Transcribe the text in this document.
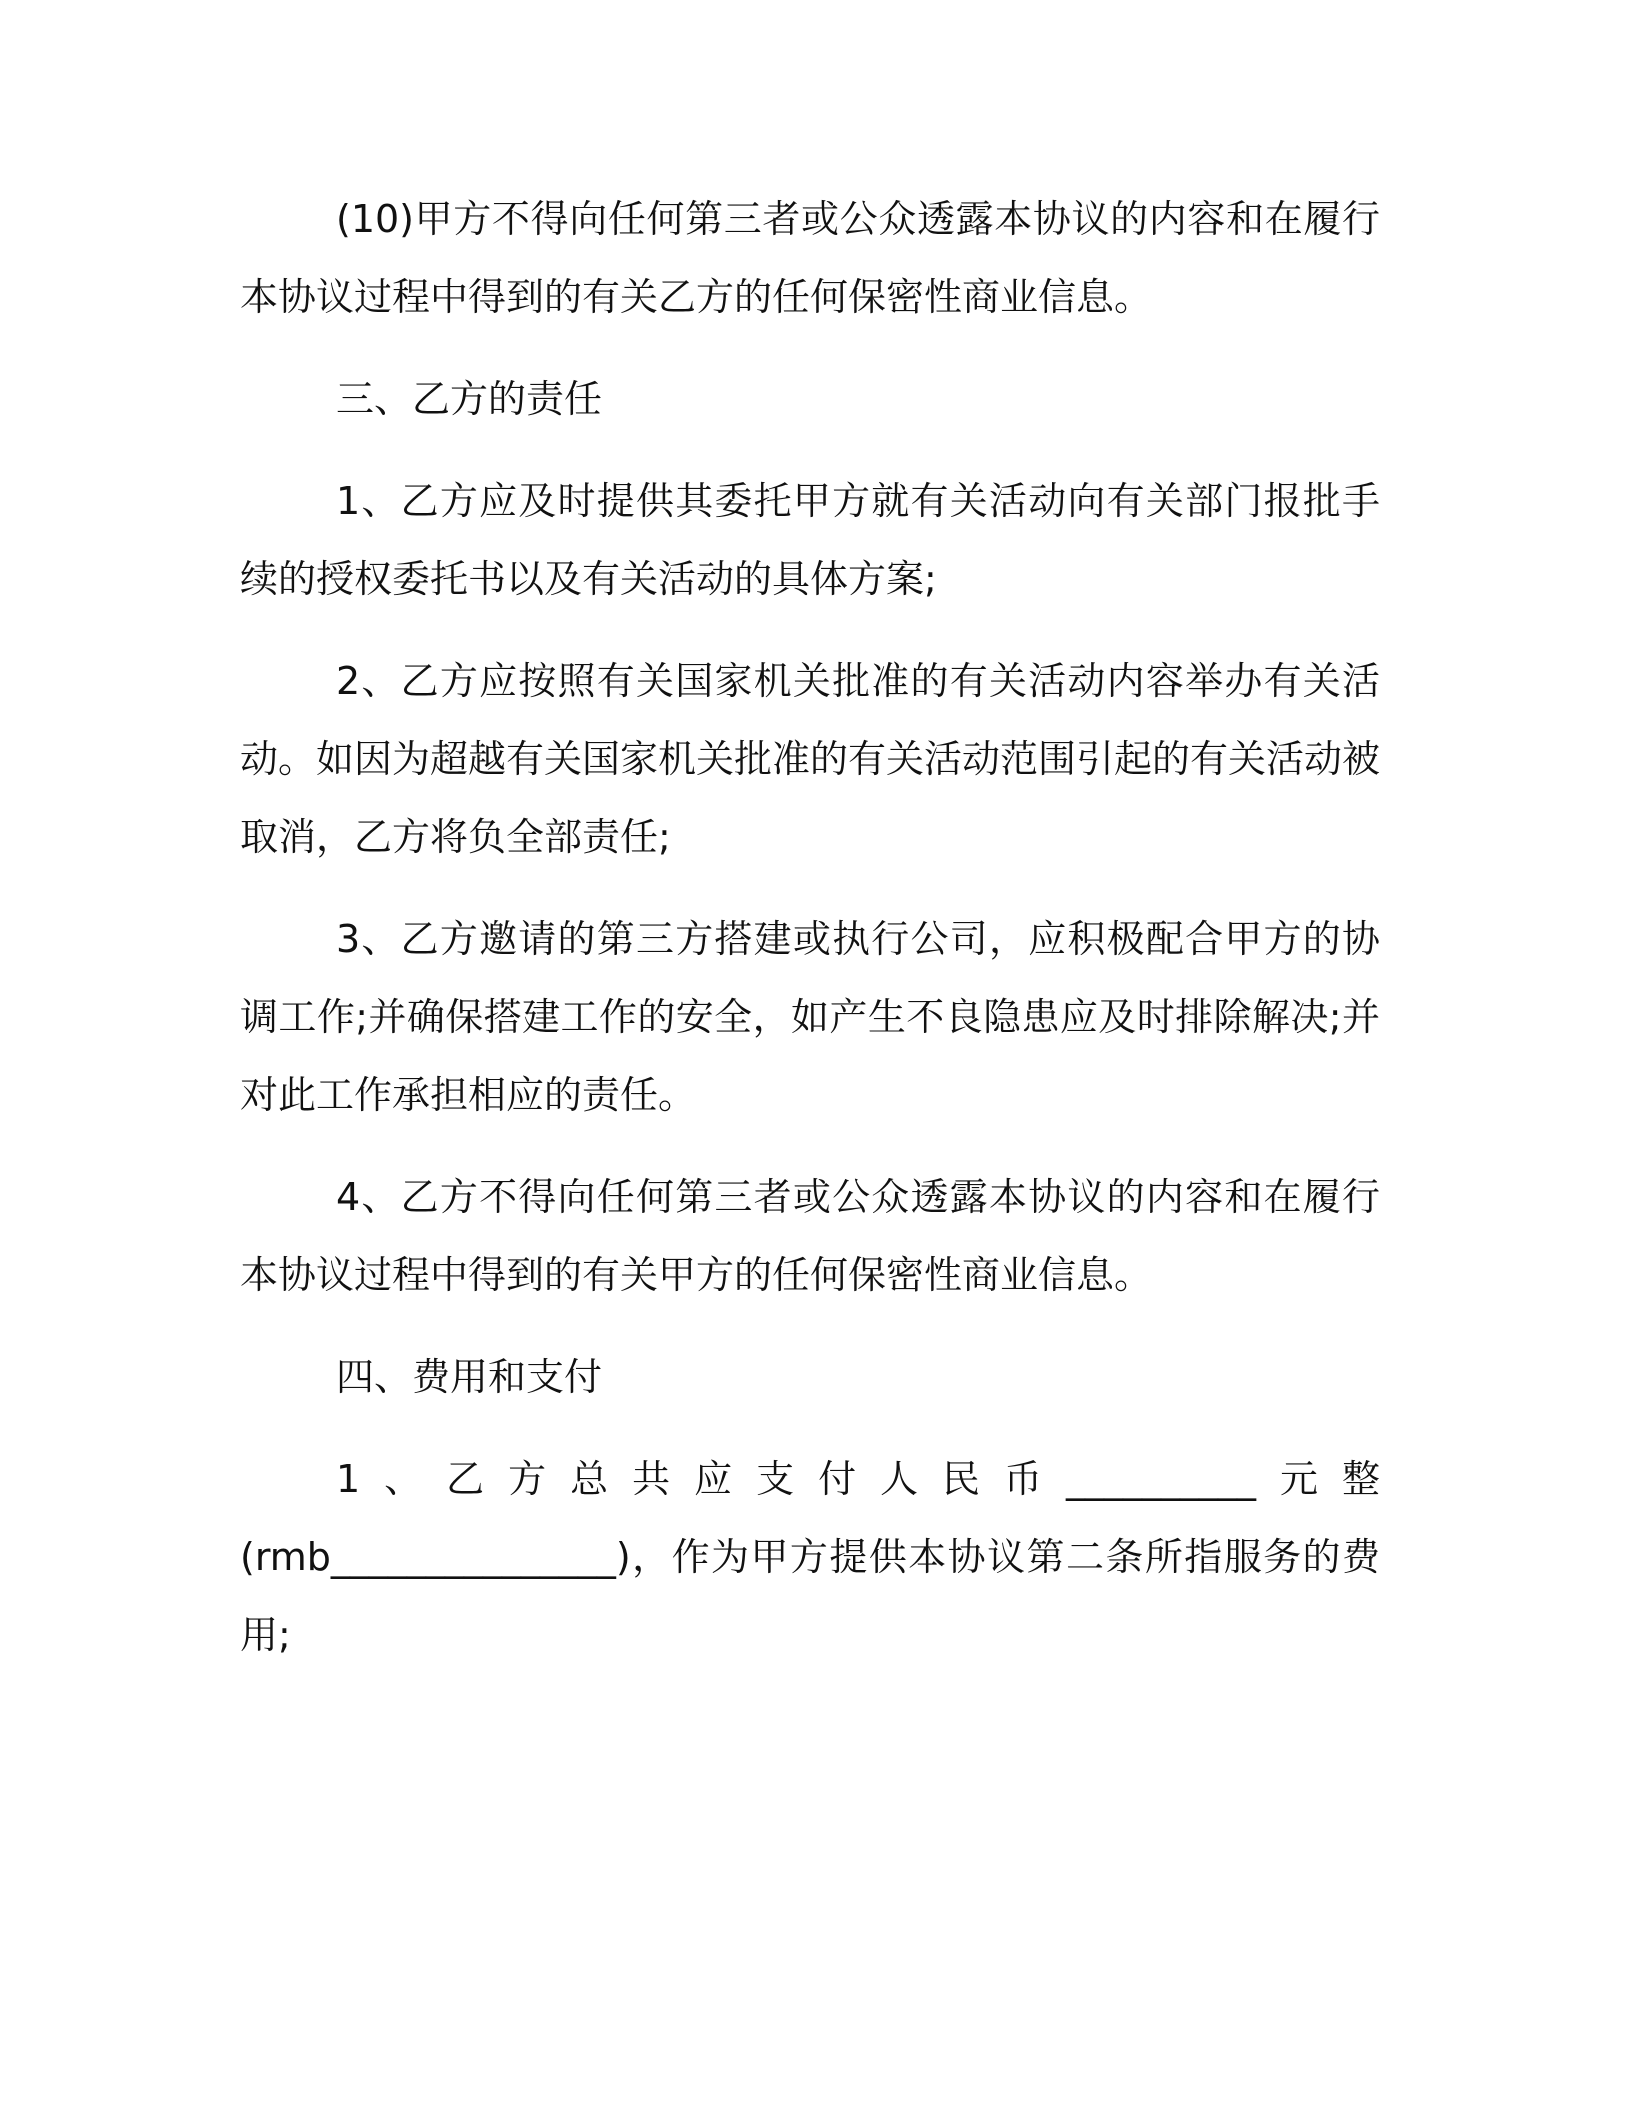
(10)甲方不得向任何第三者或公众透露本协议的内容和在履行本协议过程中得到的有关乙方的任何保密性商业信息。

三、乙方的责任

1、乙方应及时提供其委托甲方就有关活动向有关部门报批手续的授权委托书以及有关活动的具体方案;

2、乙方应按照有关国家机关批准的有关活动内容举办有关活动。如因为超越有关国家机关批准的有关活动范围引起的有关活动被取消，乙方将负全部责任;

3、乙方邀请的第三方搭建或执行公司，应积极配合甲方的协调工作;并确保搭建工作的安全，如产生不良隐患应及时排除解决;并对此工作承担相应的责任。

4、乙方不得向任何第三者或公众透露本协议的内容和在履行本协议过程中得到的有关甲方的任何保密性商业信息。

四、费用和支付

1、乙方总共应支付人民币__________元整(rmb_______________)，作为甲方提供本协议第二条所指服务的费用;
